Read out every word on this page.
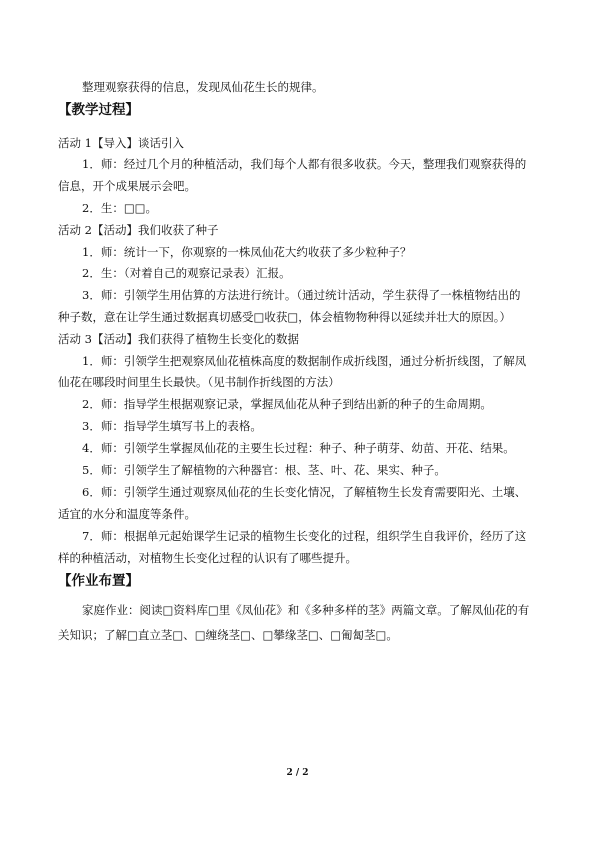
整理观察获得的信息，发现凤仙花生长的规律。
【教学过程】
活动 1【导入】谈话引入
1．师：经过几个月的种植活动，我们每个人都有很多收获。今天，整理我们观察获得的
信息，开个成果展示会吧。
2．生：□□。
活动 2【活动】我们收获了种子
1．师：统计一下，你观察的一株凤仙花大约收获了多少粒种子？
2．生：（对着自己的观察记录表）汇报。
3．师：引领学生用估算的方法进行统计。（通过统计活动，学生获得了一株植物结出的
种子数，意在让学生通过数据真切感受□收获□，体会植物物种得以延续并壮大的原因。）
活动 3【活动】我们获得了植物生长变化的数据
1．师：引领学生把观察凤仙花植株高度的数据制作成折线图，通过分析折线图，了解凤
仙花在哪段时间里生长最快。（见书制作折线图的方法）
2．师：指导学生根据观察记录，掌握凤仙花从种子到结出新的种子的生命周期。
3．师：指导学生填写书上的表格。
4．师：引领学生掌握凤仙花的主要生长过程：种子、种子萌芽、幼苗、开花、结果。
5．师：引领学生了解植物的六种器官：根、茎、叶、花、果实、种子。
6．师：引领学生通过观察凤仙花的生长变化情况，了解植物生长发育需要阳光、土壤、
适宜的水分和温度等条件。
7．师：根据单元起始课学生记录的植物生长变化的过程，组织学生自我评价，经历了这
样的种植活动，对植物生长变化过程的认识有了哪些提升。
【作业布置】
家庭作业：阅读□资料库□里《凤仙花》和《多种多样的茎》两篇文章。了解凤仙花的有
关知识；了解□直立茎□、□缠绕茎□、□攀缘茎□、□匍匐茎□。
2 / 2
